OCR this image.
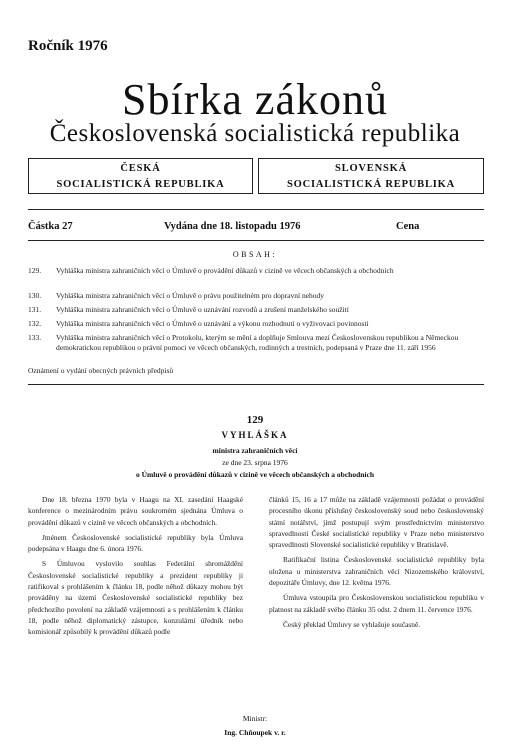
Ročník 1976
Sbírka zákonů
Československá socialistická republika
ČESKÁ
SOCIALISTICKÁ REPUBLIKA
SLOVENSKÁ
SOCIALISTICKÁ REPUBLIKA
Částka 27	Vydána dne 18. listopadu 1976	Cena
OBSAH:
129.	Vyhláška ministra zahraničních věcí o Úmluvě o provádění důkazů v cizině ve věcech občanských a obchodních
130.	Vyhláška ministra zahraničních věcí o Úmluvě o právu použitelném pro dopravní nehody
131.	Vyhláška ministra zahraničních věcí o Úmluvě o uznávání rozvodů a zrušení manželského soužití
132.	Vyhláška ministra zahraničních věcí o Úmluvě o uznávání a výkonu rozhodnutí o vyživovací povinnosti
133.	Vyhláška ministra zahraničních věcí o Protokolu, kterým se mění a doplňuje Smlouva mezi Československou republikou a Německou demokratickou republikou o právní pomoci ve věcech občanských, rodinných a trestních, podepsaná v Praze dne 11. září 1956
Oznámení o vydání obecných právních předpisů
129
VYHLÁŠKA
ministra zahraničních věcí
ze dne 23. srpna 1976
o Úmluvě o provádění důkazů v cizině ve věcech občanských a obchodních

Dne 18. března 1970 byla v Haagu na XI. zasedání Haagské konference o mezinárodním právu soukromém sjednána Úmluva o provádění důkazů v cizině ve věcech občanských a obchodních.

Jménem Československé socialistické republiky byla Úmluva podepsána v Haagu dne 6. února 1976.

S Úmluvou vyslovilo souhlas Federální shromáždění Československé socialistické republiky a prezident republiky ji ratifikoval s prohlášením k článku 18, podle něhož důkazy mohou být prováděny na území Československé socialistické republiky bez předchozího povolení na základě vzájemnosti a s prohlášením k článku 18, podle něhož diplomatický zástupce, konzulární úředník nebo komisionář způsobilý k provádění důkazů podle

článků 15, 16 a 17 může na základě vzájemnosti požádat o provádění procesního úkonu příslušný československý soud nebo československý státní notářství, jímž postupují svým prostřednictvím ministerstvo spravedlnosti České socialistické republiky v Praze nebo ministerstvo spravedlnosti Slovenské socialistické republiky v Bratislavě.

Ratifikační listina Československé socialistické republiky byla uložena u ministerstva zahraničních věcí Nizozemského království, depozitáře Úmluvy, dne 12. května 1976.

Úmluva vstoupila pro Československou socialistickou republiku v platnost na základě svého článku 35 odst. 2 dnem 11. července 1976.

Český překlad Úmluvy se vyhlašuje současně.

Ministr:
Ing. Chňoupek v. r.
